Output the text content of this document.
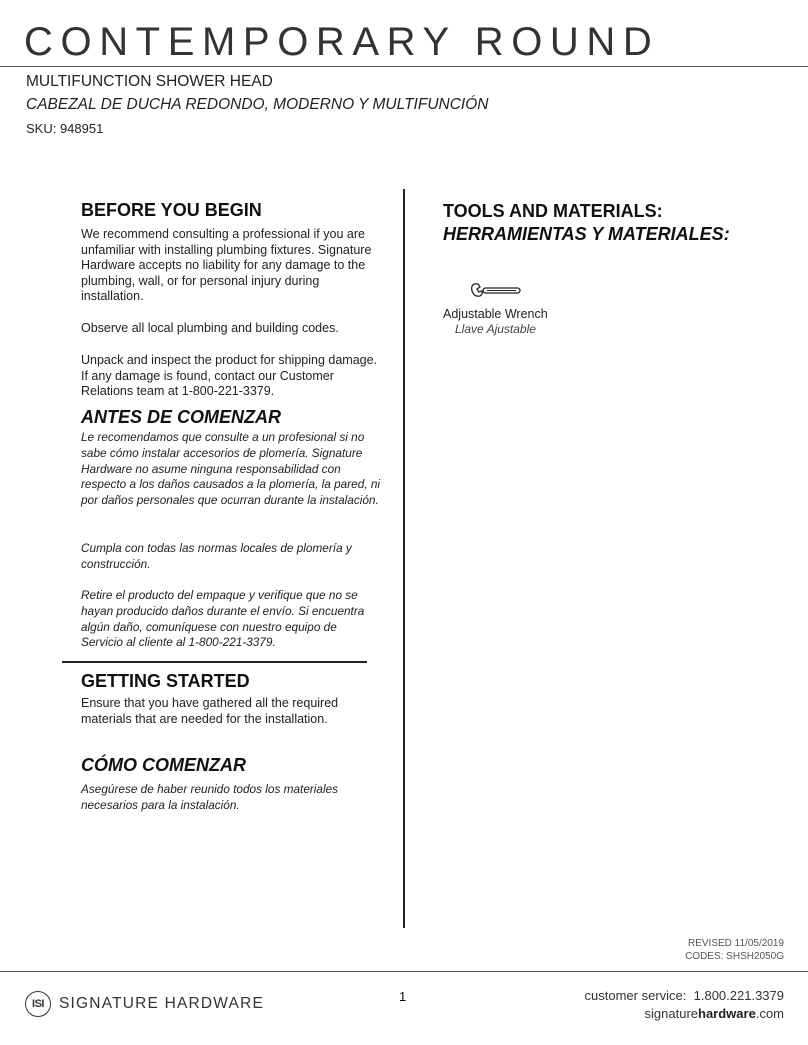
CONTEMPORARY ROUND
MULTIFUNCTION SHOWER HEAD
CABEZAL DE DUCHA REDONDO, MODERNO Y MULTIFUNCIÓN
SKU: 948951
BEFORE YOU BEGIN
We recommend consulting a professional if you are unfamiliar with installing plumbing fixtures. Signature Hardware accepts no liability for any damage to the plumbing, wall, or for personal injury during installation.
Observe all local plumbing and building codes.
Unpack and inspect the product for shipping damage. If any damage is found, contact our Customer Relations team at 1-800-221-3379.
ANTES DE COMENZAR
Le recomendamos que consulte a un profesional si no sabe cómo instalar accesorios de plomería. Signature Hardware no asume ninguna responsabilidad con respecto a los daños causados a la plomería, la pared, ni por daños personales que ocurran durante la instalación.
Cumpla con todas las normas locales de plomería y construcción.
Retire el producto del empaque y verifique que no se hayan producido daños durante el envío. Si encuentra algún daño, comuníquese con nuestro equipo de Servicio al cliente al 1-800-221-3379.
GETTING STARTED
Ensure that you have gathered all the required materials that are needed for the installation.
CÓMO COMENZAR
Asegúrese de haber reunido todos los materiales necesarios para la instalación.
TOOLS AND MATERIALS:
HERRAMIENTAS Y MATERIALES:
Adjustable Wrench
Llave Ajustable
REVISED 11/05/2019
CODES: SHSH2050G
ISI SIGNATURE HARDWARE	1	customer service: 1.800.221.3379
signaturehardware.com
